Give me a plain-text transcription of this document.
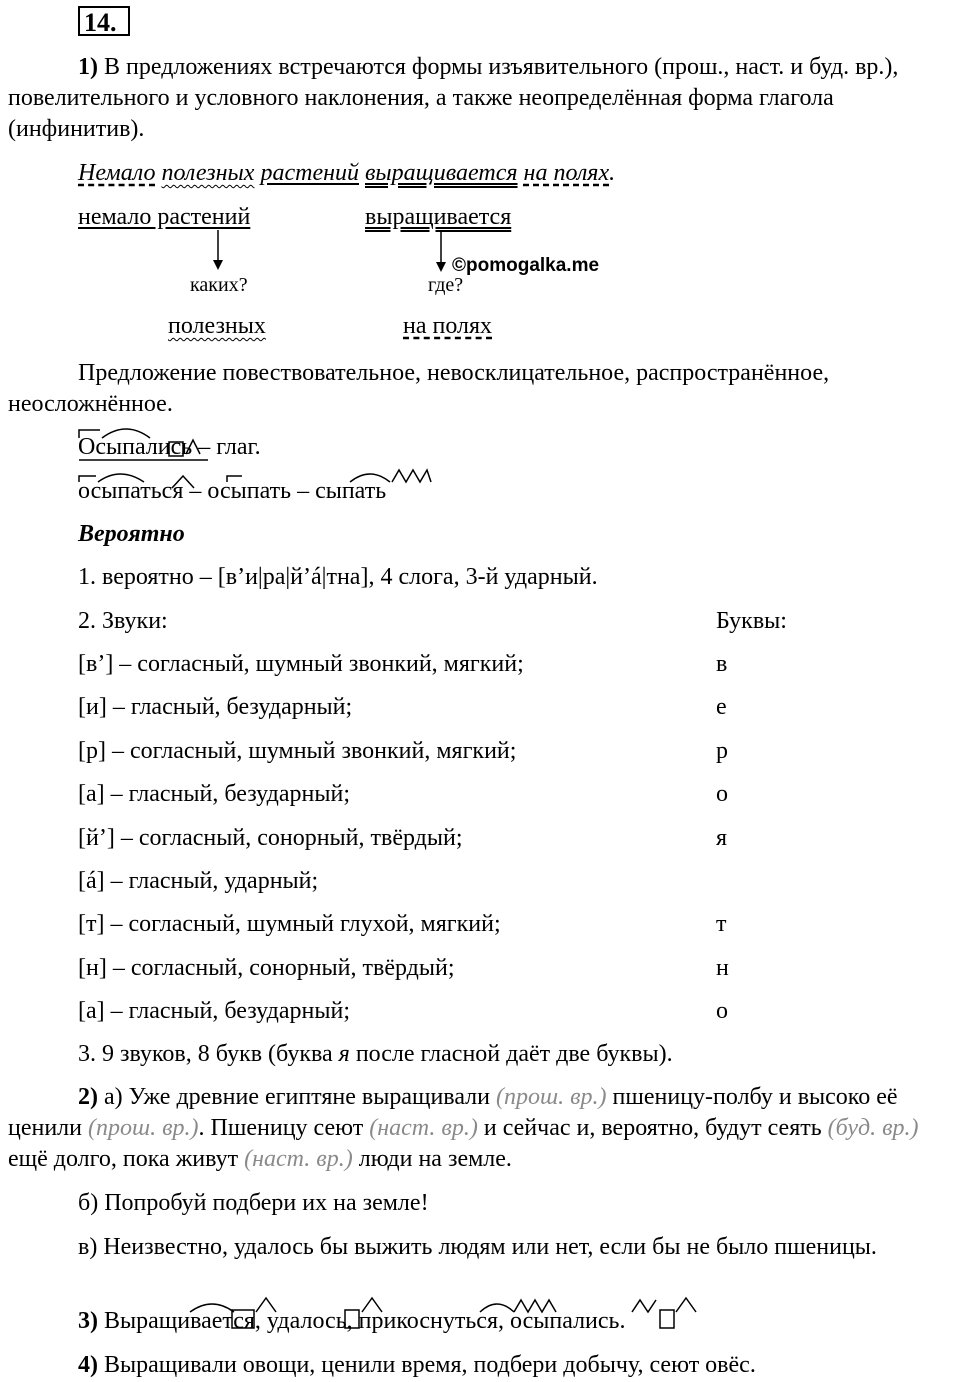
14.
1) В предложениях встречаются формы изъявительного (прош., наст. и буд. вр.), повелительного и условного наклонения, а также неопределённая форма глагола (инфинитив).
Немало полезных растений выращивается на полях.
немало растений	выращивается
каких?	где?
полезных	на полях
©pomogalka.me
Предложение повествовательное, невосклицательное, распространённое, неосложнённое.
Осыпались – глаг.
осыпаться – осыпать – сыпать
Вероятно
1. вероятно – [в’и|ра|й’á|тна], 4 слога, 3-й ударный.
2. Звуки:	Буквы:
[в’] – согласный, шумный звонкий, мягкий;	в
[и] – гласный, безударный;	е
[р] – согласный, шумный звонкий, мягкий;	р
[а] – гласный, безударный;	о
[й’] – согласный, сонорный, твёрдый;	я
[á] – гласный, ударный;
[т] – согласный, шумный глухой, мягкий;	т
[н] – согласный, сонорный, твёрдый;	н
[а] – гласный, безударный;	о
3. 9 звуков, 8 букв (буква я после гласной даёт две буквы).
2) а) Уже древние египтяне выращивали (прош. вр.) пшеницу-полбу и высоко её ценили (прош. вр.). Пшеницу сеют (наст. вр.) и сейчас и, вероятно, будут сеять (буд. вр.) ещё долго, пока живут (наст. вр.) люди на земле.
б) Попробуй подбери их на земле!
в) Неизвестно, удалось бы выжить людям или нет, если бы не было пшеницы.
3) Выращивается, удалось, прикоснуться, осыпались.
4) Выращивали овощи, ценили время, подбери добычу, сеют овёс.
